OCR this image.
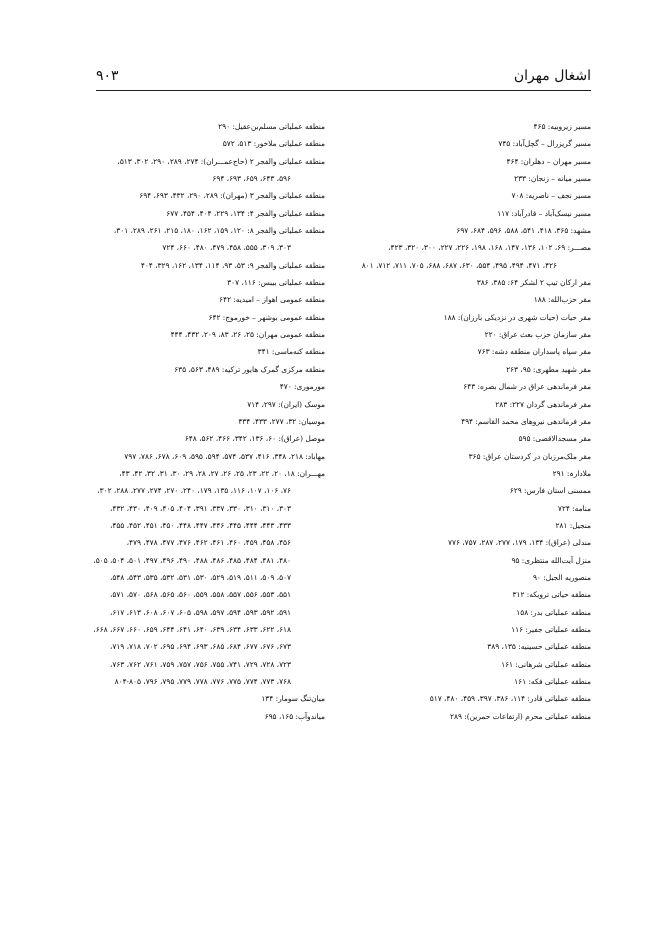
اشغال مهران
۹۰۳
مسیر زیروبیه: ۴۶۵
مسیر گریزرال – گچل‌آباد: ۷۴۵
مسیر مهران – دهلران: ۴۶۴
مسیر میانه – زنجان: ۲۳۳
مسیر نجف – ناصریه: ۷۰۸
مسیر نیسک‌آباد – قادرآباد: ۱۱۷
مشهد: ۳۶۵، ۴۱۸، ۵۴۱، ۵۸۸، ۵۹۶، ۶۸۴، ۶۹۷
مصـــر: ۶۹، ۱۰۲، ۱۳۶، ۱۴۷، ۱۶۸، ۱۹۸، ۲۲۶، ۲۲۷، ۳۰۰، ۳۲۰، ۴۲۳،
۴۲۶، ۴۷۱، ۴۹۴، ۴۹۵، ۵۵۴، ۶۳۰، ۶۸۷، ۶۸۸، ۷۰۵، ۷۱۱، ۷۱۲، ۸۰۱
مقر ارکان تیپ ۲ لشکر ۶۴: ۳۸۵، ۳۸۶
مقر حزب‌الله: ۱۸۸
مقر حیات (حیات شهری در نزدیکی بارزان): ۱۸۸
مقر سازمان حزب بعث عراق: ۲۲۰
مقر سپاه پاسداران منطقه دشه: ۷۶۳
مقر شهید مطهری: ۹۵، ۲۶۳
مقر فرماندهی عراق در شمال بصره: ۶۴۳
مقر فرماندهی گردان ۲۲۷: ۲۸۳
مقر فرماندهی نیروهای محمد القاسم: ۴۹۴
مقر مسجدالاقصی: ۵۹۵
مقر ملک‌مرزبان در کردستان عراق: ۳۶۵
ملادارہ: ۲۹۱
ممسنی استان فارس: ۶۲۹
منامه: ۷۲۴
منجیل: ۲۸۱
مندلی (عراق): ۱۳۴، ۱۷۹، ۲۷۷، ۲۸۷، ۷۵۷، ۷۷۶
منزل آیت‌الله منتظری: ۹۵
منصوریه الجبل: ۹۰
منطقه حیاتی ترویکه: ۳۱۲
منطقه عملیاتی بدر: ۱۵۸
منطقه عملیاتی جفیر: ۱۱۶
منطقه عملیاتی حسینیه: ۱۳۵، ۳۸۹
منطقه عملیاتی شرهانی: ۱۶۱
منطقه عملیاتی فکه: ۱۶۱
منطقه عملیاتی قادر: ۱۱۴، ۳۸۶، ۳۹۷، ۴۵۹، ۴۸۰، ۵۱۷
منطقه عملیاتی محرم (ارتفاعات حمرین): ۲۸۹
منطقه عملیاتی مسلم‌بن‌عقیل: ۲۹۰
منطقه عملیاتی ملاخور: ۵۱۳، ۵۷۲
منطقه عملیاتی والفجر ۲ (حاج‌عمـــران): ۲۷۴، ۲۸۹، ۲۹۰، ۳۰۲، ۵۱۳،
۵۹۶، ۶۴۳، ۶۵۹، ۶۹۳، ۶۹۴
منطقه عملیاتی والفجر ۳ (مهران): ۲۸۹، ۲۹۰، ۴۳۲، ۶۹۳، ۶۹۴
منطقه عملیاتی والفجر ۴: ۱۳۴، ۲۲۹، ۴۰۴، ۴۵۴، ۶۷۷
منطقه عملیاتی والفجر ۸: ۱۲۰، ۱۵۹، ۱۶۲، ۱۸۰، ۲۱۵، ۲۶۱، ۲۸۹، ۳۰۱،
۳۰۳، ۳۰۹، ۵۵۵، ۴۵۸، ۴۷۹، ۴۸۰، ۶۶۰، ۷۲۴
منطقه عملیاتی والفجر ۹: ۵۳، ۹۳، ۱۱۴، ۱۳۴، ۱۶۲، ۳۲۹، ۴۰۴
منطقه عملیاتی بیبس: ۱۱۶، ۳۰۷
منطقه عمومی اهواز – امیدیه: ۶۴۲
منطقه عمومی بوشهر – خورموج: ۶۴۲
منطقه عمومی مهران: ۲۵، ۲۶، ۸۳، ۲۰۹، ۴۳۲، ۴۴۴
منطقه کنه‌ماسی: ۳۴۱
منطقه مرکزی گمرک هایور ترکیه: ۴۸۹، ۵۶۳، ۶۳۵
مورموری: ۴۷۰
موسک (ایران): ۲۹۷، ۷۱۴
موسیان: ۳۲، ۲۷۷، ۴۳۳، ۴۳۴
موصل (عراق): ۶۰، ۱۳۶، ۳۴۲، ۴۶۶، ۵۶۲، ۶۴۸
مهاباد: ۲۱۸، ۳۴۸، ۴۱۶، ۵۳۷، ۵۷۴، ۵۹۴، ۵۹۵، ۶۰۹، ۶۷۸، ۷۸۶، ۷۹۷
مهـــران: ۱۸، ۲۰، ۲۲، ۲۳، ۲۵، ۲۶، ۲۷، ۲۸، ۲۹، ۳۰، ۳۱، ۳۲، ۴۲، ۴۳،
۷۶، ۱۰۶، ۱۰۷، ۱۱۶، ۱۳۵، ۱۷۹، ۲۴۰، ۲۷۰، ۲۷۴، ۲۷۷، ۲۸۸، ۳۰۲،
۳۰۳، ۳۱۰، ۳۱۰، ۳۳۰، ۳۳۷، ۳۹۱، ۴۰۴، ۴۰۵، ۴۰۹، ۴۳۰، ۴۳۲،
۴۳۳، ۴۴۳، ۴۴۴، ۴۴۵، ۴۴۶، ۴۴۷، ۴۴۸، ۴۵۰، ۴۵۱، ۴۵۲، ۴۵۵،
۴۵۶، ۴۵۸، ۴۵۹، ۴۶۰، ۴۶۱، ۴۶۲، ۴۷۶، ۴۷۷، ۴۷۸، ۴۷۹،
۴۸۰، ۴۸۱، ۴۸۴، ۴۸۵، ۴۸۶، ۴۸۸، ۴۹۰، ۴۹۶، ۴۹۷، ۵۰۱، ۵۰۴، ۵۰۵،
۵۰۷، ۵۰۹، ۵۱۱، ۵۱۹، ۵۲۹، ۵۳۰، ۵۳۱، ۵۳۲، ۵۳۵، ۵۴۳، ۵۴۸،
۵۵۱، ۵۵۳، ۵۵۶، ۵۵۷، ۵۵۸، ۵۵۹، ۵۶۰، ۵۶۵، ۵۶۸، ۵۷۰، ۵۷۱،
۵۹۱، ۵۹۲، ۵۹۳، ۵۹۴، ۵۹۷، ۵۹۸، ۶۰۵، ۶۰۷، ۶۰۸، ۶۱۳، ۶۱۷،
۶۱۸، ۶۲۲، ۶۳۳، ۶۳۴، ۶۳۹، ۶۴۰، ۶۴۱، ۶۴۴، ۶۵۹، ۶۶۰، ۶۶۷، ۶۶۸،
۶۷۳، ۶۷۶، ۶۷۷، ۶۸۴، ۶۸۵، ۶۹۳، ۶۹۴، ۶۹۵، ۷۰۲، ۷۱۸، ۷۱۹،
۷۲۳، ۷۲۸، ۷۲۹، ۷۴۱، ۷۵۵، ۷۵۶، ۷۵۷، ۷۵۹، ۷۶۱، ۷۶۲، ۷۶۳،
۷۶۸، ۷۷۳، ۷۷۴، ۷۷۵، ۷۷۶، ۷۷۸، ۷۷۹، ۷۹۵، ۷۹۶، ۸۰۴-۸۰۵
میان‌تنگ سومار: ۱۳۴
میاندوآب: ۱۶۵، ۶۹۵
